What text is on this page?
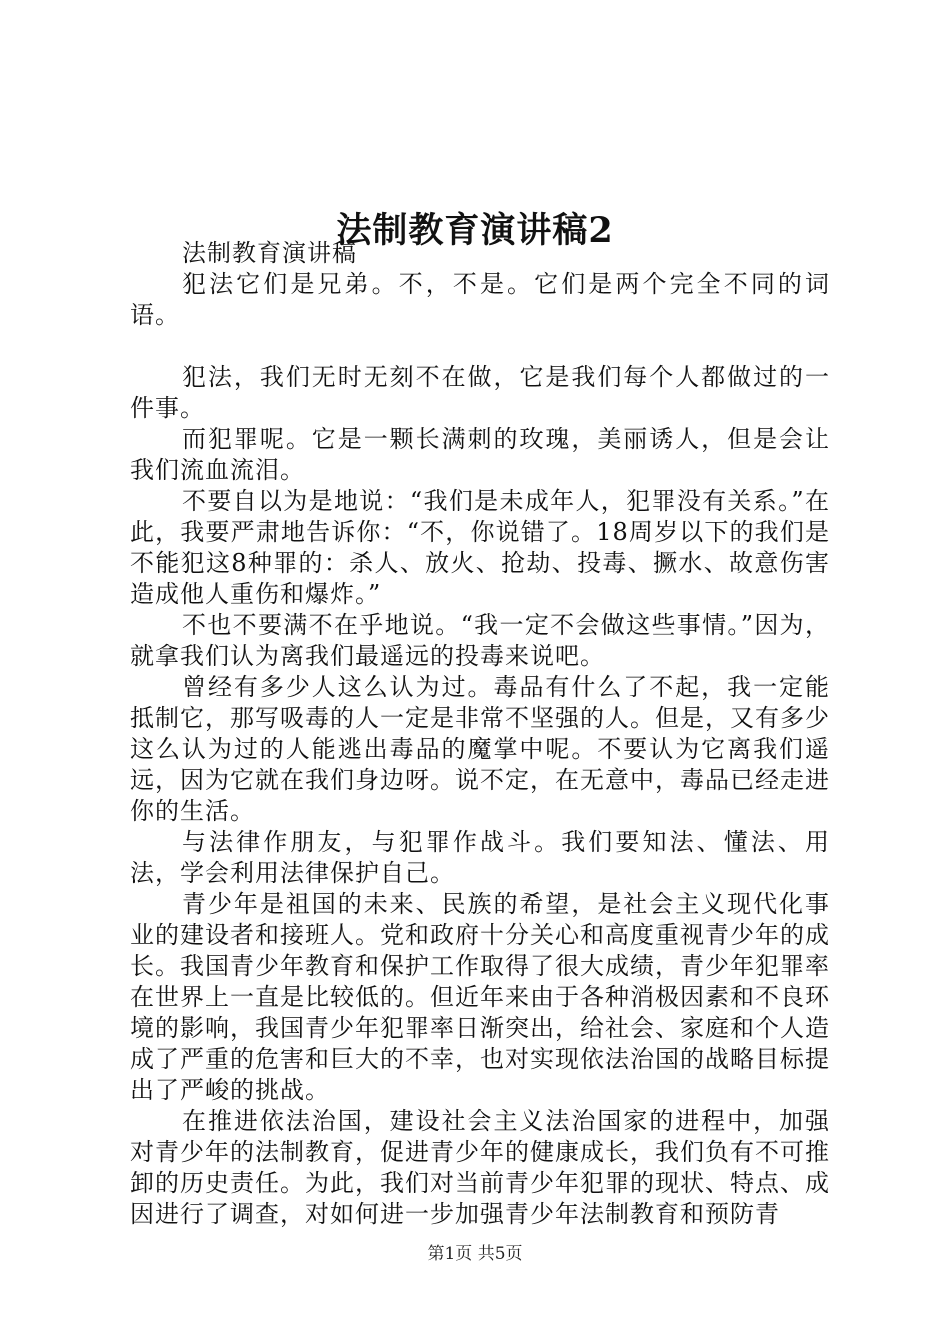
法制教育演讲稿2

法制教育演讲稿

犯法它们是兄弟。不，不是。它们是两个完全不同的词语。

犯法，我们无时无刻不在做，它是我们每个人都做过的一件事。

而犯罪呢。它是一颗长满刺的玫瑰，美丽诱人，但是会让我们流血流泪。

不要自以为是地说：“我们是未成年人，犯罪没有关系。”在此，我要严肃地告诉你：“不，你说错了。18周岁以下的我们是不能犯这8种罪的：杀人、放火、抢劫、投毒、撅水、故意伤害造成他人重伤和爆炸。”

不也不要满不在乎地说。“我一定不会做这些事情。”因为，就拿我们认为离我们最遥远的投毒来说吧。

曾经有多少人这么认为过。毒品有什么了不起，我一定能抵制它，那写吸毒的人一定是非常不坚强的人。但是，又有多少这么认为过的人能逃出毒品的魔掌中呢。不要认为它离我们遥远，因为它就在我们身边呀。说不定，在无意中，毒品已经走进你的生活。

与法律作朋友，与犯罪作战斗。我们要知法、懂法、用法，学会利用法律保护自己。

青少年是祖国的未来、民族的希望，是社会主义现代化事业的建设者和接班人。党和政府十分关心和高度重视青少年的成长。我国青少年教育和保护工作取得了很大成绩，青少年犯罪率在世界上一直是比较低的。但近年来由于各种消极因素和不良环境的影响，我国青少年犯罪率日渐突出，给社会、家庭和个人造成了严重的危害和巨大的不幸，也对实现依法治国的战略目标提出了严峻的挑战。

在推进依法治国，建设社会主义法治国家的进程中，加强对青少年的法制教育，促进青少年的健康成长，我们负有不可推卸的历史责任。为此，我们对当前青少年犯罪的现状、特点、成因进行了调查，对如何进一步加强青少年法制教育和预防青

第1页 共5页
